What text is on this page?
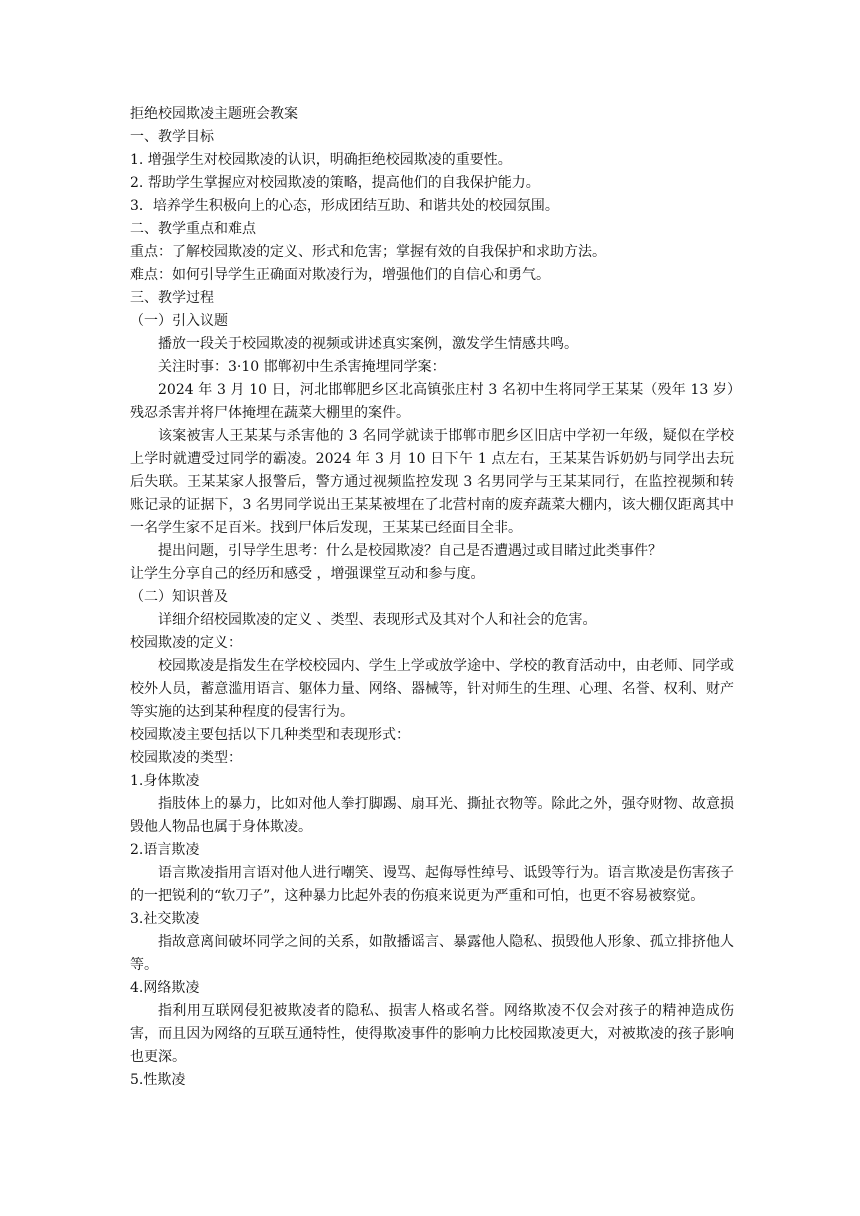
拒绝校园欺凌主题班会教案
一、教学目标
1. 增强学生对校园欺凌的认识，明确拒绝校园欺凌的重要性。
2. 帮助学生掌握应对校园欺凌的策略，提高他们的自我保护能力。
3．培养学生积极向上的心态，形成团结互助、和谐共处的校园氛围。
二、教学重点和难点
重点：了解校园欺凌的定义、形式和危害；掌握有效的自我保护和求助方法。
难点：如何引导学生正确面对欺凌行为，增强他们的自信心和勇气。
三、教学过程
（一）引入议题
播放一段关于校园欺凌的视频或讲述真实案例，激发学生情感共鸣。
关注时事：3·10 邯郸初中生杀害掩埋同学案：
2024 年 3 月 10 日，河北邯郸肥乡区北高镇张庄村 3 名初中生将同学王某某（殁年 13 岁）残忍杀害并将尸体掩埋在蔬菜大棚里的案件。
该案被害人王某某与杀害他的 3 名同学就读于邯郸市肥乡区旧店中学初一年级，疑似在学校上学时就遭受过同学的霸凌。2024 年 3 月 10 日下午 1 点左右，王某某告诉奶奶与同学出去玩后失联。王某某家人报警后，警方通过视频监控发现 3 名男同学与王某某同行，在监控视频和转账记录的证据下，3 名男同学说出王某某被埋在了北营村南的废弃蔬菜大棚内，该大棚仅距离其中一名学生家不足百米。找到尸体后发现，王某某已经面目全非。
提出问题，引导学生思考：什么是校园欺凌？自己是否遭遇过或目睹过此类事件？
让学生分享自己的经历和感受 ，增强课堂互动和参与度。
（二）知识普及
详细介绍校园欺凌的定义 、类型、表现形式及其对个人和社会的危害。
校园欺凌的定义：
校园欺凌是指发生在学校校园内、学生上学或放学途中、学校的教育活动中，由老师、同学或校外人员，蓄意滥用语言、躯体力量、网络、器械等，针对师生的生理、心理、名誉、权利、财产等实施的达到某种程度的侵害行为。
校园欺凌主要包括以下几种类型和表现形式：
校园欺凌的类型：
1.身体欺凌
指肢体上的暴力，比如对他人拳打脚踢、扇耳光、撕扯衣物等。除此之外，强夺财物、故意损毁他人物品也属于身体欺凌。
2.语言欺凌
语言欺凌指用言语对他人进行嘲笑、谩骂、起侮辱性绰号、诋毁等行为。语言欺凌是伤害孩子的一把锐利的“软刀子”，这种暴力比起外表的伤痕来说更为严重和可怕，也更不容易被察觉。
3.社交欺凌
指故意离间破坏同学之间的关系，如散播谣言、暴露他人隐私、损毁他人形象、孤立排挤他人等。
4.网络欺凌
指利用互联网侵犯被欺凌者的隐私、损害人格或名誉。网络欺凌不仅会对孩子的精神造成伤害，而且因为网络的互联互通特性，使得欺凌事件的影响力比校园欺凌更大，对被欺凌的孩子影响也更深。
5.性欺凌
